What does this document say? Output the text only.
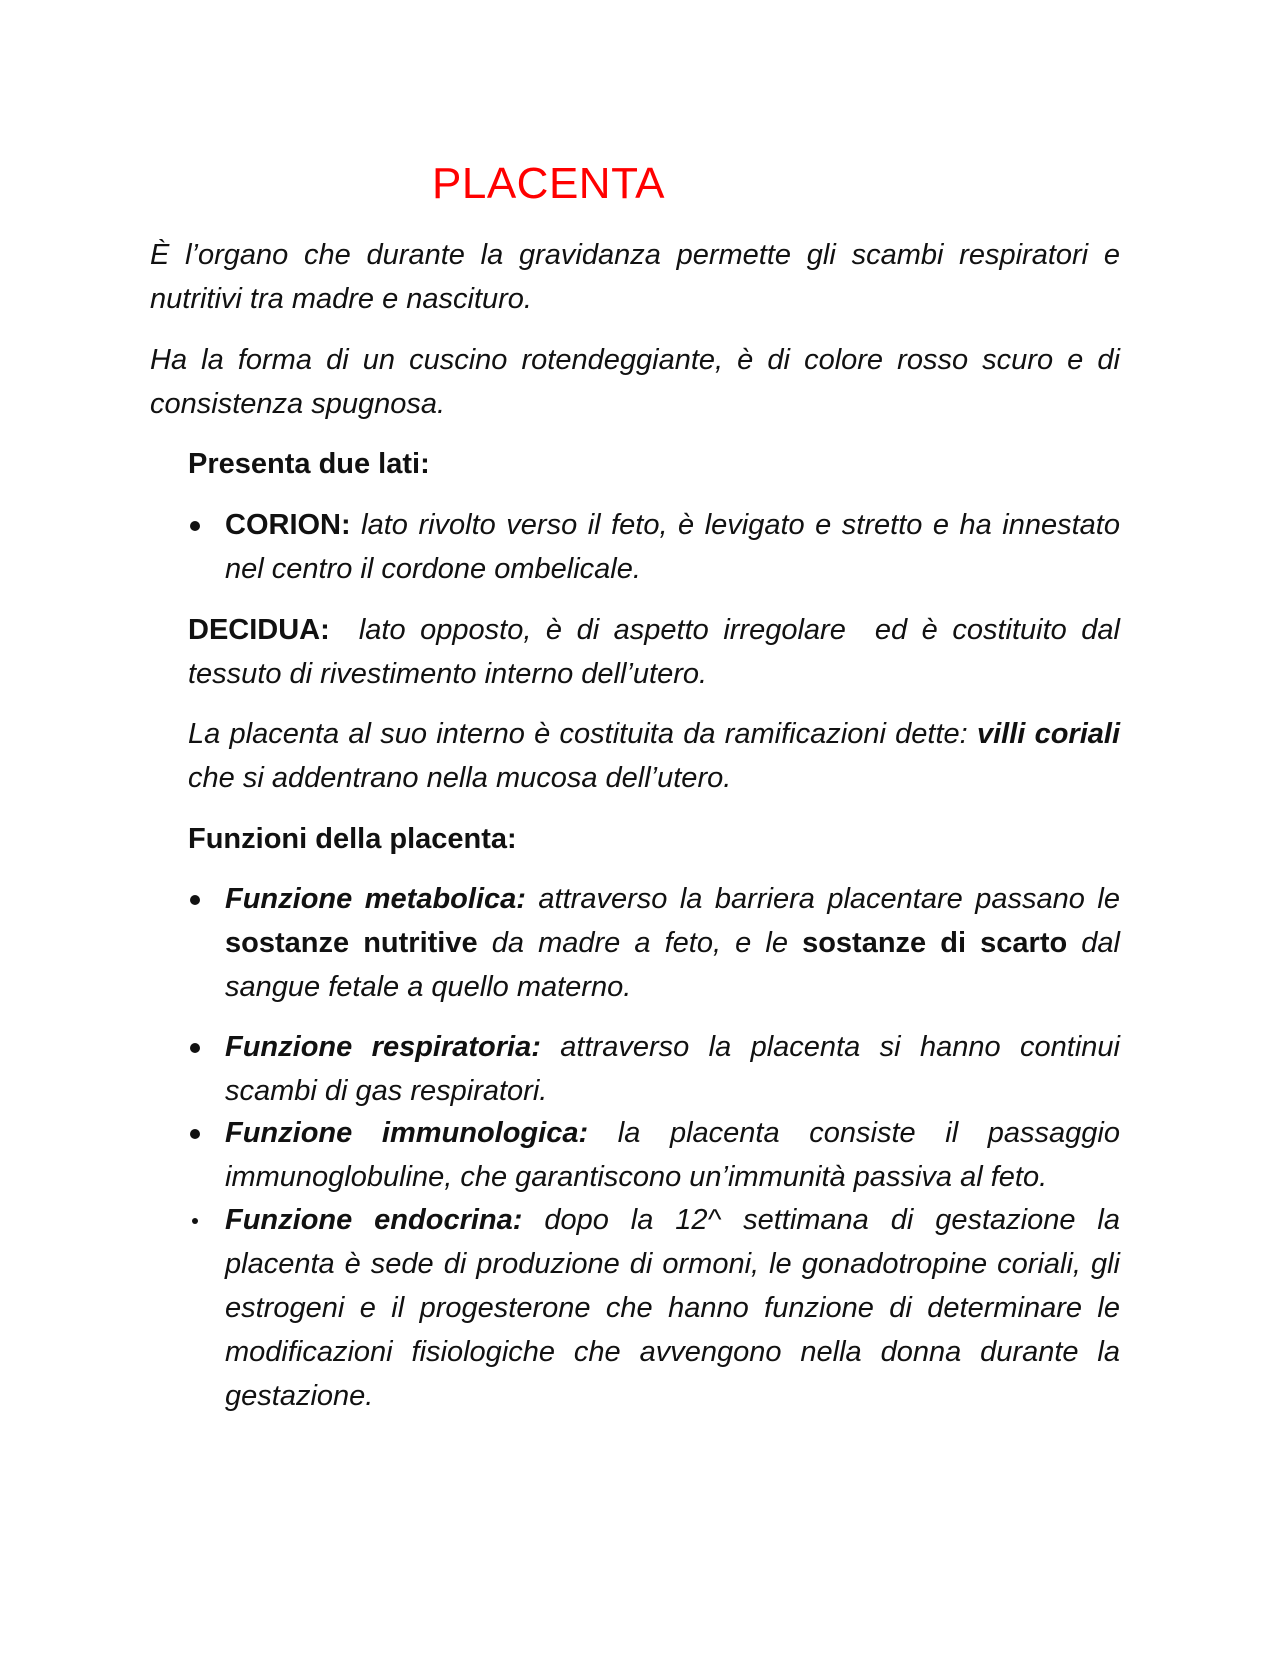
PLACENTA
È l’organo che durante la gravidanza permette gli scambi respiratori e nutritivi tra madre e nascituro.
Ha la forma di un cuscino rotendeggiante, è di colore rosso scuro e di consistenza spugnosa.
Presenta due lati:
CORION: lato rivolto verso il feto, è levigato e stretto e ha innestato nel centro il cordone ombelicale.
DECIDUA:  lato opposto, è di aspetto irregolare  ed è costituito dal tessuto di rivestimento interno dell’utero.
La placenta al suo interno è costituita da ramificazioni dette: villi coriali che si addentrano nella mucosa dell’utero.
Funzioni della placenta:
Funzione metabolica: attraverso la barriera placentare passano le sostanze nutritive da madre a feto, e le sostanze di scarto dal sangue fetale a quello materno.
Funzione respiratoria: attraverso la placenta si hanno continui scambi di gas respiratori.
Funzione immunologica: la placenta consiste il passaggio immunoglobuline, che garantiscono un’immunità passiva al feto.
Funzione endocrina: dopo la 12^ settimana di gestazione la placenta è sede di produzione di ormoni, le gonadotropine coriali, gli estrogeni e il progesterone che hanno funzione di determinare le modificazioni fisiologiche che avvengono nella donna durante la gestazione.
